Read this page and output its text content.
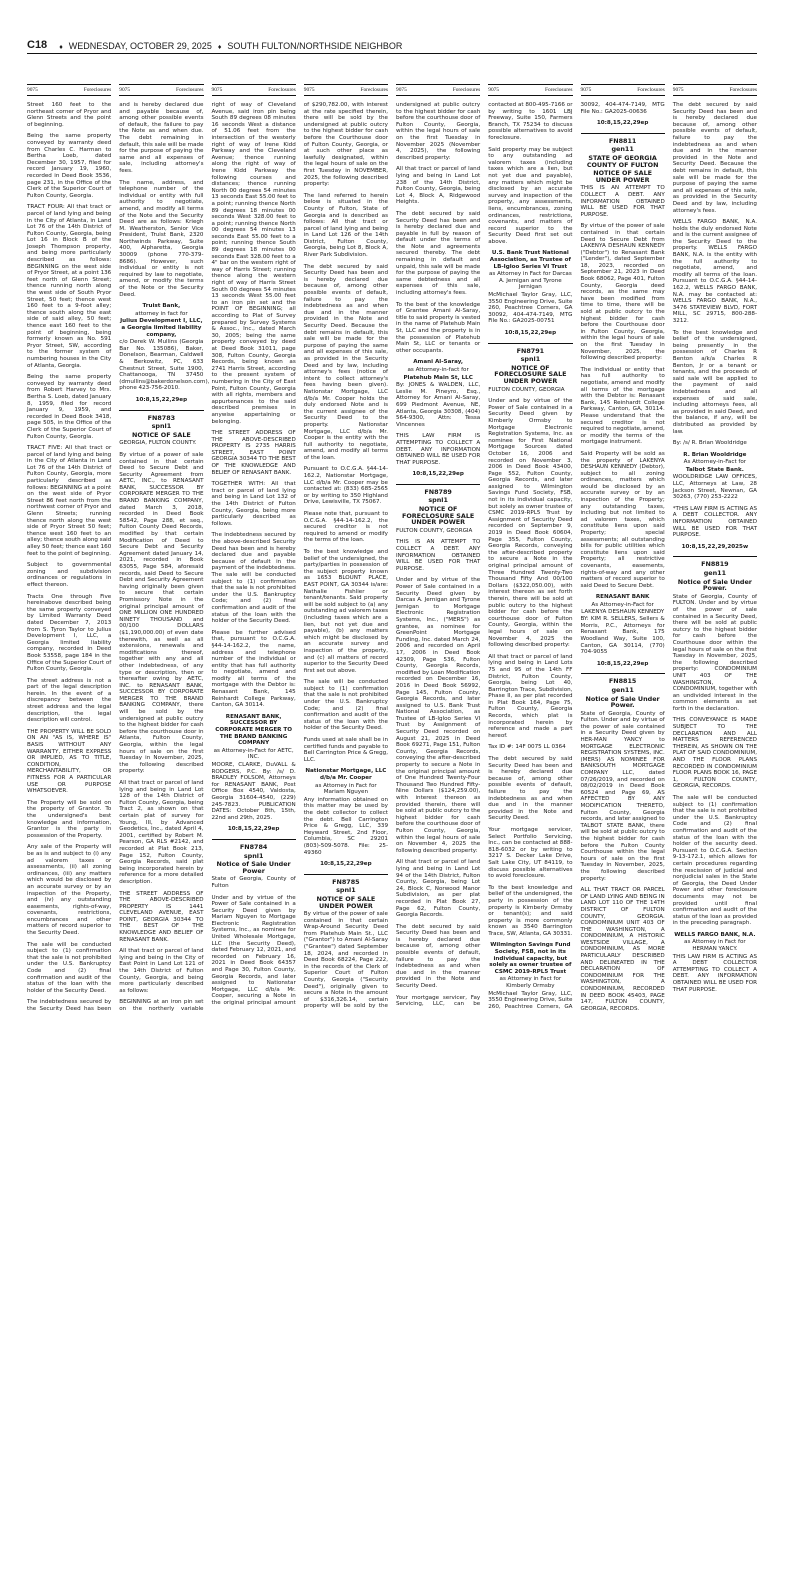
C18 ♦ WEDNESDAY, OCTOBER 29, 2025 ♦ SOUTH FULTON/NORTHSIDE NEIGHBOR
9075	Foreclosures 9075	Foreclosures 9075	Foreclosures 9075	Foreclosures 9075	Foreclosures 9075	Foreclosures 9075	Foreclosures 9075	Foreclosures

Street 160 feet to the northeast corner of Pryor and Glenn Streets and the point of beginning.

Being the same property conveyed by warranty deed from Charles C. Harman to Bertha Loeb, dated December 30, 1957, filed for record January 19, 1960, recorded in Deed Book 3536, page 231, in the Office of the Clerk of the Superior Court of Fulton County, Georgia.

TRACT FOUR: All that tract or parcel of land lying and being in the City of Atlanta, in Land Lot 76 of the 14th District of Fulton County, Georgia, being Lot 16 in Block B of the Joseph Thompson property, and being more particularly described as follows: BEGINNING on the west side of Pryor Street, at a point 136 feet north of Glenn Street; thence running north along the west side of South Pryor Street, 50 feet; thence west 160 feet to a 9-foot alley; thence south along the east side of said alley, 50 feet; thence east 160 feet to the point of beginning, being formerly known as No. 591 Pryor Street, SW, according to the former system of numbering houses in the City of Atlanta, Georgia.

Being the same property conveyed by warranty deed from Robert Harvey to Mrs. Bertha S. Loeb, dated January 8, 1959, filed for record January 9, 1959, and recorded in Deed Book 3418, page 505, in the Office of the Clerk of the Superior Court of Fulton County, Georgia.

TRACT FIVE: All that tract or parcel of land lying and being in the City of Atlanta in Land Lot 76 of the 14th District of Fulton County, Georgia, more particularly described as follows: BEGINNING at a point on the west side of Pryor Street 86 feet north from the northwest corner of Pryor and Glenn Streets; running thence north along the west side of Pryor Street 50 feet; thence west 160 feet to an alley; thence south along said alley 50 feet; thence east 160 feet to the point of beginning.

Subject to governmental zoning and subdivision ordinances or regulations in effect thereon.

Tracts One through Five hereinabove described being the same property conveyed by Limited Warranty Deed dated December 7, 2013 from S. Tyron Taylor to Julius Development I, LLC, a Georgia limited liability company, recorded in Deed Book 53558, page 184 in the Office of the Superior Court of Fulton County, Georgia.

The street address is not a part of the legal description herein. In the event of a discrepancy between the street address and the legal description, the legal description will control.

THE PROPERTY WILL BE SOLD ON AN "AS IS, WHERE IS" BASIS WITHOUT ANY WARRANTY, EITHER EXPRESS OR IMPLIED, AS TO TITLE, CONDITION, MERCHANTABILITY, OR FITNESS FOR A PARTICULAR USE OR PURPOSE WHATSOEVER.

The Property will be sold on the property of Grantor. To the undersigned's best knowledge and information, Grantor is the party in possession of the Property.

Any sale of the Property will be as is and subject to (i) any ad valorem taxes or assessments, (ii) all zoning ordinances, (iii) any matters which would be disclosed by an accurate survey or by an inspection of the Property, and (iv) any outstanding easements, rights-of-way, covenants, restrictions, encumbrances and other matters of record superior to the Security Deed.

The sale will be conducted subject to (1) confirmation that the sale is not prohibited under the U.S. Bankruptcy Code and (2) final confirmation and audit of the status of the loan with the holder of the Security Deed.

The indebtedness secured by the Security Deed has been and is hereby declared due and payable because of, among other possible events of default, the failure to pay the Note as and when due. The debt remaining in default, this sale will be made for the purpose of paying the same and all expenses of sale, including attorney's fees.

The name, address, and telephone number of the individual or entity with full authority to negotiate, amend, and modify all terms of the Note and the Security Deed are as follows: Kriegh M. Weatherston, Senior Vice President, Truist Bank, 2320 Northwinds Parkway, Suite 400, Alpharetta, Georgia 30009 (phone 770-379-8686). However, such individual or entity is not required by law to negotiate, amend, or modify the terms of the Note or the Security Deed.

Truist Bank,

attorney in fact for

Julius Development I, LLC, a Georgia limited liability company,

c/o Derek W. Mullins (Georgia Bar No. 135086), Baker, Donelson, Bearman, Caldwell & Berkowitz, PC, 633 Chestnut Street, Suite 1900, Chattanooga, TN 37450 (dmullins@bakerdonelson.com), phone 423-756-2010.

10:8,15,22,29ep

FN8783

spnl1

NOTICE OF SALE

GEORGIA, FULTON COUNTY.

By virtue of a power of sale contained in that certain Deed to Secure Debt and Security Agreement from AETC, INC., to RENASANT BANK, SUCCESSOR BY CORPORATE MERGER TO THE BRAND BANKING COMPANY, dated March 3, 2018, recorded in Deed Book 58542, Page 288, et seq., Fulton County Deed Records, modified by that certain Modification of Deed to Secure Debt and Security Agreement dated January 14, 2021, recorded in Book 63055, Page 584, aforesaid records, said Deed to Secure Debt and Security Agreement having originally been given to secure that certain Promissory Note in the original principal amount of ONE MILLION ONE HUNDRED NINETY THOUSAND and 00/100 DOLLARS ($1,190,000.00) of even date therewith, as well as all extensions, renewals and modifications thereof, together with any and all other indebtedness, of any type or description, then or thereafter owing by AETC, INC. to RENASANT BANK, SUCCESSOR BY CORPORATE MERGER TO THE BRAND BANKING COMPANY, there will be sold by the undersigned at public outcry to the highest bidder for cash before the courthouse door in Atlanta, Fulton County, Georgia, within the legal hours of sale on the first Tuesday in November, 2025, the following described property:

All that tract or parcel of land lying and being in Land Lot 128 of the 14th District of Fulton County, Georgia, being Tract 2, as shown on that certain plat of survey for Young, III, by Advanced Geodetics, Inc., dated April 4, 2001, certified by Robert M. Pearson, GA RLS #2142, and recorded at Plat Book 213, Page 152, Fulton County, Georgia Records, said plat being incorporated herein by reference for a more detailed description.

THE STREET ADDRESS OF THE ABOVE-DESCRIBED PROPERTY IS 1441 CLEVELAND AVENUE, EAST POINT, GEORGIA 30344 TO THE BEST OF THE KNOWLEDGE AND BELIEF OF RENASANT BANK.

All that tract or parcel of land lying and being in the City of East Point in Land Lot 121 of the 14th District of Fulton County, Georgia, and being more particularly described as follows:

BEGINNING at an iron pin set on the northerly variable right of way of Cleveland Avenue, said iron pin being South 89 degrees 08 minutes 16 seconds West a distance of 51.06 feet from the intersection of the westerly right of way of Irene Kidd Parkway and the Cleveland Avenue; thence running along the right of way of Irene Kidd Parkway the following courses and distances; thence running North 00 degrees 54 minutes 13 seconds East 55.00 feet to a point; running thence North 89 degrees 18 minutes 00 seconds West 328.00 feet to a point; running thence North 00 degrees 54 minutes 13 seconds East 55.00 feet to a point; running thence South 89 degrees 18 minutes 00 seconds East 328.00 feet to a 4" bar on the western right of way of Harris Street; running thence along the western right of way of Harris Street South 00 degrees 54 minutes 13 seconds West 55.00 feet to an iron pin set and the POINT OF BEGINNING; all according to Plat of Survey prepared by Survey Systems & Assoc., Inc., dated March 30, 2005; being the same property conveyed by deed at Deed Book 31011, page 308, Fulton County, Georgia Records, being known as 2741 Harris Street, according to the present system of numbering in the City of East Point, Fulton County, Georgia with all rights, members and appurtenances to the said described premises in anywise appertaining or belonging.

THE STREET ADDRESS OF THE ABOVE-DESCRIBED PROPERTY IS 2735 HARRIS STREET, EAST POINT GEORGIA 30344 TO THE BEST OF THE KNOWLEDGE AND BELIEF OF RENASANT BANK.

TOGETHER WITH: All that tract or parcel of land lying and being in Land Lot 132 of the 14th District of Fulton County, Georgia, being more particularly described as follows.

The indebtedness secured by the above-described Security Deed has been and is hereby declared due and payable because of default in the payment of the indebtedness. The sale will be conducted subject to (1) confirmation that the sale is not prohibited under the U.S. Bankruptcy Code; and (2) final confirmation and audit of the status of the loan with the holder of the Security Deed.

Please be further advised that, pursuant to O.C.G.A. §44-14-162.2, the name, address and telephone number of the individual or entity that has full authority to negotiate, amend and modify all terms of the mortgage with the Debtor is: Renasant Bank, 145 Reinhardt College Parkway, Canton, GA 30114.

RENASANT BANK, SUCCESSOR BY CORPORATE MERGER TO THE BRAND BANKING COMPANY

as Attorney-in-Fact for AETC, INC.

MOORE, CLARKE, DuVALL & RODGERS, P.C. By: /s/ D. BRADLEY FOLSOM, Attorneys for RENASANT BANK, Post Office Box 4540, Valdosta, Georgia 31604-4540, (229) 245-7823. PUBLICATION DATES: October 8th, 15th, 22nd and 29th, 2025.

10:8,15,22,29ep

FN8784

spnl1

Notice of Sale Under Power

State of Georgia, County of Fulton

Under and by virtue of the Power of Sale contained in a Security Deed given by Mariam Nguyen to Mortgage Electronic Registration Systems, Inc., as nominee for United Wholesale Mortgage, LLC (the Security Deed), dated February 12, 2021, and recorded on February 16, 2021 in Deed Book 64357 and Page 30, Fulton County, Georgia Records, and later assigned to Nationstar Mortgage, LLC d/b/a Mr. Cooper, securing a Note in the original principal amount of $290,782.00, with interest at the rate specified therein, there will be sold by the undersigned at public outcry to the highest bidder for cash before the Courthouse door of Fulton County, Georgia, or at such other place as lawfully designated, within the legal hours of sale on the first Tuesday in NOVEMBER, 2025, the following described property:

The land referred to herein below is situated in the County of Fulton, State of Georgia and is described as follows: All that tract or parcel of land lying and being in Land Lot 126 of the 14th District, Fulton County, Georgia, being Lot 8, Block A, River Park Subdivision.

The debt secured by said Security Deed has been and is hereby declared due because of, among other possible events of default, failure to pay the indebtedness as and when due and in the manner provided in the Note and Security Deed. Because the debt remains in default, this sale will be made for the purpose of paying the same and all expenses of this sale, as provided in the Security Deed and by law, including attorney's fees (notice of intent to collect attorney's fees having been given). Nationstar Mortgage, LLC d/b/a Mr. Cooper holds the duly endorsed Note and is the current assignee of the Security Deed to the property. Nationstar Mortgage, LLC d/b/a Mr. Cooper is the entity with the full authority to negotiate, amend, and modify all terms of the loan.

Pursuant to O.C.G.A. §44-14-162.2, Nationstar Mortgage, LLC d/b/a Mr. Cooper may be contacted at: (833) 685-2565 or by writing to 350 Highland Drive, Lewisville, TX 75067.

Please note that, pursuant to O.C.G.A. §44-14-162.2, the secured creditor is not required to amend or modify the terms of the loan.

To the best knowledge and belief of the undersigned, the party/parties in possession of the subject property known as 1653 BLOUNT PLACE, EAST POINT, GA 30344 is/are: Nathalie Fishlier or tenant/tenants. Said property will be sold subject to (a) any outstanding ad valorem taxes (including taxes which are a lien, but not yet due and payable), (b) any matters which might be disclosed by an accurate survey and inspection of the property, and (c) all matters of record superior to the Security Deed first set out above.

The sale will be conducted subject to (1) confirmation that the sale is not prohibited under the U.S. Bankruptcy Code; and (2) final confirmation and audit of the status of the loan with the holder of the Security Deed.

Funds used at sale shall be in certified funds and payable to Bell Carrington Price & Gregg, LLC.

Nationstar Mortgage, LLC d/b/a Mr. Cooper

as Attorney in Fact for Mariam Nguyen

Any information obtained on this matter may be used by the debt collector to collect the debt. Bell Carrington Price & Gregg, LLC, 339 Heyward Street, 2nd Floor, Columbia, SC 29201 (803)-509-5078. File: 25-49360

10:8,15,22,29ep

FN8785

spnl1

NOTICE OF SALE UNDER POWER

By virtue of the power of sale contained in that certain Wrap-Around Security Deed from Platehub Main St., LLC ("Grantor") to Amani Al-Saray ("Grantee") dated September 18, 2024, and recorded in Deed Book 68224, Page 222, in the records of the Clerk of Superior Court of Fulton County, Georgia ("Security Deed"), originally given to secure a Note in the amount of $316,326.14, certain property will be sold by the undersigned at public outcry to the highest bidder for cash before the courthouse door of Fulton County, Georgia, within the legal hours of sale on the first Tuesday in November 2025 (November 4, 2025), the following described property:

All that tract or parcel of land lying and being in Land Lot 238 of the 14th District, Fulton County, Georgia, being Lot 4, Block A, Ridgewood Heights.

The debt secured by said Security Deed has been and is hereby declared due and payable in full by reason of default under the terms of the Note and agreements secured thereby. The debt remaining in default and unpaid, this sale will be made for the purpose of paying the same debtedness and all expenses of this sale, including attorney's fees.

To the best of the knowledge of Grantee Amani Al-Saray, title to said property is vested in the name of Platehub Main St, LLC and the property is in the possession of Platehub Main St, LLC or tenants or other occupants.

Amani Al-Saray,

as Attorney-in-fact for

Platehub Main St, LLC

By: JONES & WALDEN, LLC, Leslie M. Pineyro, Esq., Attorney for Amani Al-Saray, 699 Piedmont Avenue, NE, Atlanta, Georgia 30308, (404) 564-9300, Attn: Tessa Vincennes

THIS LAW FIRM IS ATTEMPTING TO COLLECT A DEBT. ANY INFORMATION OBTAINED WILL BE USED FOR THAT PURPOSE.

10:8,15,22,29ep

FN8789

spnl1

NOTICE OF FORECLOSURE SALE UNDER POWER

FULTON COUNTY, GEORGIA

THIS IS AN ATTEMPT TO COLLECT A DEBT. ANY INFORMATION OBTAINED WILL BE USED FOR THAT PURPOSE.

Under and by virtue of the Power of Sale contained in a Security Deed given by Darcas A. Jernigan and Tyrone Jernigan to Mortgage Electronic Registration Systems, Inc., ("MERS") as grantee, as nominee for GreenPoint Mortgage Funding, Inc. dated March 24, 2006 and recorded on April 17, 2006 in Deed Book 42309, Page 536, Fulton County, Georgia Records, modified by Loan Modification recorded on December 16, 2016 in Deed Book 56992, Page 145, Fulton County, Georgia Records, and later assigned to U.S. Bank Trust National Association, as Trustee of LB-Igloo Series VI Trust by Assignment of Security Deed recorded on August 21, 2025 in Deed Book 69271, Page 151, Fulton County, Georgia Records, conveying the after-described property to secure a Note in the original principal amount of One Hundred Twenty-Four Thousand Two Hundred Fifty-Nine Dollars ($124,259.00), with interest thereon as provided therein, there will be sold at public outcry to the highest bidder for cash before the courthouse door of Fulton County, Georgia, within the legal hours of sale on November 4, 2025 the following described property:

All that tract or parcel of land lying and being in Land Lot 94 of the 14th District, Fulton County, Georgia, being Lot 24, Block C, Norwood Manor Subdivision, as per plat recorded in Plat Book 27, Page 62, Fulton County, Georgia Records.

The debt secured by said Security Deed has been and is hereby declared due because of, among other possible events of default, failure to pay the indebtedness as and when due and in the manner provided in the Note and Security Deed.

Your mortgage servicer, Fay Servicing, LLC, can be contacted at 800-495-7166 or by writing to 1601 LBJ Freeway, Suite 150, Farmers Branch, TX 75234 to discuss possible alternatives to avoid foreclosure.

Said property may be subject to any outstanding ad valorem taxes (including taxes which are a lien, but not yet due and payable), any matters which might be disclosed by an accurate survey and inspection of the property, any assessments, liens, encumbrances, zoning ordinances, restrictions, covenants, and matters of record superior to the Security Deed first set out above.

U.S. Bank Trust National Association, as Trustee of LB-Igloo Series VI Trust

as Attorney in Fact for Darcas A. Jernigan and Tyrone Jernigan

McMichael Taylor Gray, LLC, 3550 Engineering Drive, Suite 260, Peachtree Corners, GA 30092, 404-474-7149, MTG File No.: GA2025-00751

10:8,15,22,29ep

FN8791

spnl1

NOTICE OF FORECLOSURE SALE UNDER POWER

FULTON COUNTY, GEORGIA

Under and by virtue of the Power of Sale contained in a Security Deed given by Kimberly Ormsby to Mortgage Electronic Registration Systems, Inc. as nominee for First National Mortgage Sources dated October 16, 2006 and recorded on November 3, 2006 in Deed Book 43400, Page 552, Fulton County, Georgia Records, and later assigned to Wilmington Savings Fund Society, FSB, not in its individual capacity, but solely as owner trustee of CSMC 2019-RPL5 Trust by Assignment of Security Deed recorded on September 9, 2019 in Deed Book 60604, Page 355, Fulton County, Georgia Records, conveying the after-described property to secure a Note in the original principal amount of Three Hundred Twenty-Two Thousand Fifty And 00/100 Dollars ($322,050.00), with interest thereon as set forth therein, there will be sold at public outcry to the highest bidder for cash before the courthouse door of Fulton County, Georgia, within the legal hours of sale on November 4, 2025 the following described property:

All that tract or parcel of land lying and being in Land Lots 75 and 95 of the 14th FF District, Fulton County, Georgia, being Lot 40, Barrington Trace, Subdivision, Phase II, as per plat recorded in Plat Book 164, Page 75, Fulton County, Georgia Records, which plat is incorporated herein by reference and made a part hereof.

Tax ID #: 14F 0075 LL 0364

The debt secured by said Security Deed has been and is hereby declared due because of, among other possible events of default, failure to pay the indebtedness as and when due and in the manner provided in the Note and Security Deed.

Your mortgage servicer, Select Portfolio Servicing, Inc., can be contacted at 888-818-6032 or by writing to 3217 S. Decker Lake Drive, Salt Lake City, UT 84119, to discuss possible alternatives to avoid foreclosure.

To the best knowledge and belief of the undersigned, the party in possession of the property is Kimberly Ormsby or tenant(s); and said property is more commonly known as 3540 Barrington Trace, SW, Atlanta, GA 30331.

Wilmington Savings Fund Society, FSB, not in its individual capacity, but solely as owner trustee of CSMC 2019-RPL5 Trust

as Attorney in Fact for Kimberly Ormsby

McMichael Taylor Gray, LLC, 3550 Engineering Drive, Suite 260, Peachtree Corners, GA 30092, 404-474-7149, MTG File No.: GA2025-00636

10:8,15,22,29ep

FN8811

gen11

STATE OF GEORGIA COUNTY OF FULTON

NOTICE OF SALE UNDER POWER

THIS IS AN ATTEMPT TO COLLECT A DEBT. ANY INFORMATION OBTAINED WILL BE USED FOR THAT PURPOSE.

By virtue of the power of sale contained in that certain Deed to Secure Debt from LAKENYA DESHAUN KENNEDY ("Debtor") to Renasant Bank ("Lender"), dated September 18, 2023, recorded on September 21, 2023 in Deed Book 68062, Page 401, Fulton County, Georgia deed records, as the same may have been modified from time to time, there will be sold at public outcry to the highest bidder for cash before the Courthouse door in Fulton County, Georgia, within the legal hours of sale on the first Tuesday in November, 2025, the following described property:

The individual or entity that has full authority to negotiate, amend and modify all terms of the mortgage with the Debtor is: Renasant Bank, 145 Reinhardt College Parkway, Canton, GA, 30114. Please understand that the secured creditor is not required to negotiate, amend, or modify the terms of the mortgage instrument.

Said Property will be sold as the property of LAKENYA DESHAUN KENNEDY (Debtor), subject to all zoning ordinances, matters which would be disclosed by an accurate survey or by an inspection of the Property; any outstanding taxes, including but not limited to ad valorem taxes, which constitute liens upon said Property; special assessments; all outstanding bills for public utilities which constitute liens upon said Property; all restrictive covenants, easements, rights-of-way and any other matters of record superior to said Deed to Secure Debt.

RENASANT BANK

As Attorney-in-Fact for LAKENYA DESHAUN KENNEDY

BY: KIM R. SELLERS, Sellers & Morris, P.C., Attorneys for Renasant Bank, 175 Woodland Way, Suite 100, Canton, GA 30114, (770) 704-9055

10:8,15,22,29ep

FN8815

gen11

Notice of Sale Under Power.

State of Georgia, County of Fulton. Under and by virtue of the power of sale contained in a Security Deed given by HER-MAN YANCY to MORTGAGE ELECTRONIC REGISTRATION SYSTEMS, INC. (MERS) AS NOMINEE FOR BANKSOUTH MORTGAGE COMPANY LLC, dated 07/26/2019, and recorded on 08/02/2019 in Deed Book 60524 and Page 69, AS AFFECTED BY ANY MODIFICATION THERETO, Fulton County, Georgia records, and later assigned to TALBOT STATE BANK, there will be sold at public outcry to the highest bidder for cash before the Fulton County Courthouse within the legal hours of sale on the first Tuesday in November, 2025, the following described property:

ALL THAT TRACT OR PARCEL OF LAND LYING AND BEING IN LAND LOT 110 OF THE 14TH DISTRICT OF FULTON COUNTY, GEORGIA. CONDOMINIUM UNIT 403 OF THE WASHINGTON, A CONDOMINIUM, A HISTORIC WESTSIDE VILLAGE, A CONDOMINIUM, AS MORE PARTICULARLY DESCRIBED AND DELINEATED IN THE DECLARATION OF CONDOMINIUM FOR THE WASHINGTON, A CONDOMINIUM, RECORDED IN DEED BOOK 45403, PAGE 147, FULTON COUNTY, GEORGIA, RECORDS.

The debt secured by said Security Deed has been and is hereby declared due because of, among other possible events of default, failure to pay the indebtedness as and when due and in the manner provided in the Note and Security Deed. Because the debt remains in default, this sale will be made for the purpose of paying the same and all expenses of this sale, as provided in the Security Deed and by law, including attorney's fees.

WELLS FARGO BANK, N.A. holds the duly endorsed Note and is the current assignee of the Security Deed to the property. WELLS FARGO BANK, N.A. is the entity with the full authority to negotiate, amend, and modify all terms of the loan. Pursuant to O.C.G.A. §44-14-162.2, WELLS FARGO BANK, N.A. may be contacted at: WELLS FARGO BANK, N.A., 3476 STATEVIEW BLVD, FORT MILL, SC 29715, 800-288-3212.

To the best knowledge and belief of the undersigned, being presently in the possession of Charles R Benton a/k/a Charles R Benton, Jr or a tenant or tenants, and the proceeds of said sale will be applied to the payment of said indebtedness and all expenses of said sale, including attorneys fees, all as provided in said Deed, and the balance, if any, will be distributed as provided by law.

By: /s/ R. Brian Wooldridge

R. Brian Wooldridge

As Attorney-in-Fact for

Talbot State Bank.

WOOLDRIDGE LAW OFFICES, LLC, Attorneys at Law, 28 Jackson Street, Newnan, GA 30263, (770) 253-2222

*THIS LAW FIRM IS ACTING AS A DEBT COLLECTOR. ANY INFORMATION OBTAINED WILL BE USED FOR THAT PURPOSE.

10:8,15,22,29,2025w

FN8819

gen11

Notice of Sale Under Power.

State of Georgia, County of FULTON. Under and by virtue of the power of sale contained in a Security Deed, there will be sold at public outcry to the highest bidder for cash before the Courthouse door within the legal hours of sale on the first Tuesday in November, 2025, the following described property: CONDOMINIUM UNIT 403 OF THE WASHINGTON, A CONDOMINIUM, together with an undivided interest in the common elements as set forth in the declaration.

THIS CONVEYANCE IS MADE SUBJECT TO THE DECLARATION AND ALL MATTERS REFERENCED THEREIN, AS SHOWN ON THE PLAT OF SAID CONDOMINIUM, AND THE FLOOR PLANS RECORDED IN CONDOMINIUM FLOOR PLANS BOOK 16, PAGE 1, FULTON COUNTY, GEORGIA, RECORDS.

The sale will be conducted subject to (1) confirmation that the sale is not prohibited under the U.S. Bankruptcy Code and (2) final confirmation and audit of the status of the loan with the holder of the security deed. Pursuant to O.C.G.A. Section 9-13-172.1, which allows for certain procedures regarding the rescission of judicial and nonjudicial sales in the State of Georgia, the Deed Under Power and other foreclosure documents may not be provided until final confirmation and audit of the status of the loan as provided in the preceding paragraph.

WELLS FARGO BANK, N.A.

as Attorney in Fact for HERMAN YANCY.

THIS LAW FIRM IS ACTING AS A DEBT COLLECTOR ATTEMPTING TO COLLECT A DEBT. ANY INFORMATION OBTAINED WILL BE USED FOR THAT PURPOSE.
